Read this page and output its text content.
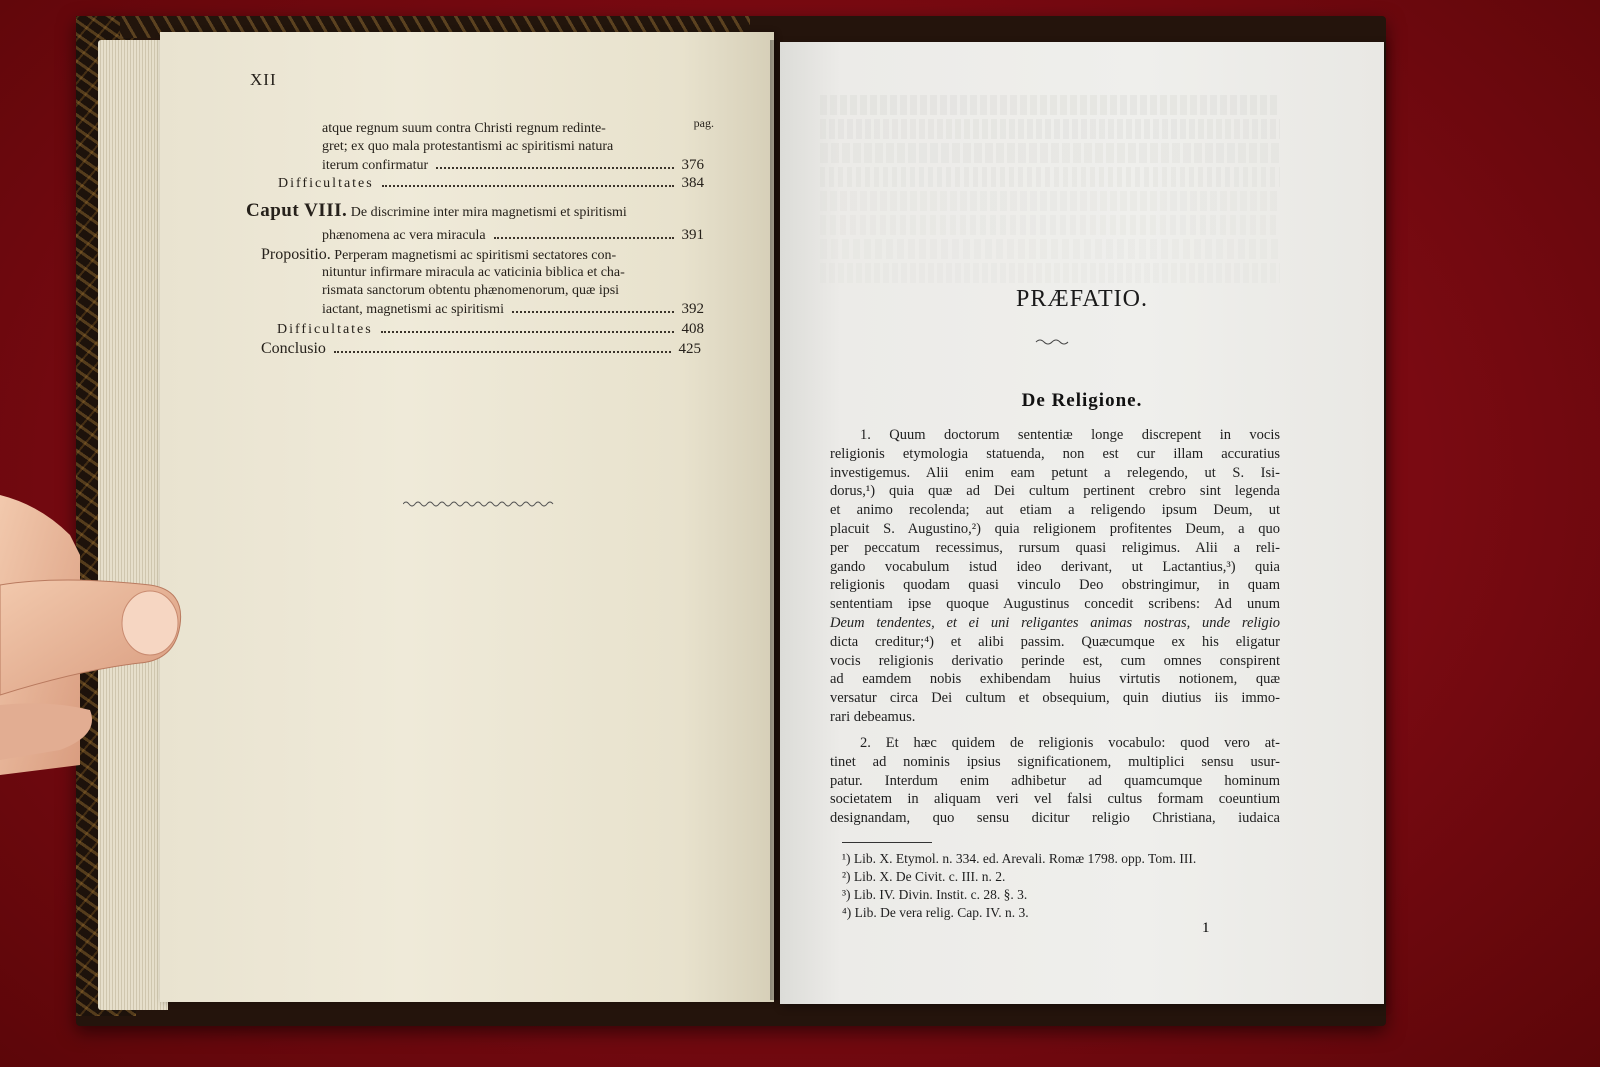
XII
pag.
atque regnum suum contra Christi regnum redinte-
gret; ex quo mala protestantismi ac spiritismi natura
iterum confirmatur	376
Difficultates	384
Caput VIII. De discrimine inter mira magnetismi et spiritismi
phænomena ac vera miracula	391
Propositio. Perperam magnetismi ac spiritismi sectatores con-
nituntur infirmare miracula ac vaticinia biblica et cha-
rismata sanctorum obtentu phænomenorum, quæ ipsi
iactant, magnetismi ac spiritismi	392
Difficultates	408
Conclusio	425
PRÆFATIO.
De Religione.
1. Quum doctorum sententiæ longe discrepent in vocis
religionis etymologia statuenda, non est cur illam accuratius
investigemus. Alii enim eam petunt a relegendo, ut S. Isi-
dorus,¹) quia quæ ad Dei cultum pertinent crebro sint legenda
et animo recolenda; aut etiam a religendo ipsum Deum, ut
placuit S. Augustino,²) quia religionem profitentes Deum, a quo
per peccatum recessimus, rursum quasi religimus. Alii a reli-
gando vocabulum istud ideo derivant, ut Lactantius,³) quia
religionis quodam quasi vinculo Deo obstringimur, in quam
sententiam ipse quoque Augustinus concedit scribens: Ad unum
Deum tendentes, et ei uni religantes animas nostras, unde religio
dicta creditur;⁴) et alibi passim. Quæcumque ex his eligatur
vocis religionis derivatio perinde est, cum omnes conspirent
ad eamdem nobis exhibendam huius virtutis notionem, quæ
versatur circa Dei cultum et obsequium, quin diutius iis immo-
rari debeamus.
2. Et hæc quidem de religionis vocabulo: quod vero at-
tinet ad nominis ipsius significationem, multiplici sensu usur-
patur. Interdum enim adhibetur ad quamcumque hominum
societatem in aliquam veri vel falsi cultus formam coeuntium
designandam, quo sensu dicitur religio Christiana, iudaica
¹) Lib. X. Etymol. n. 334. ed. Arevali. Romæ 1798. opp. Tom. III.
²) Lib. X. De Civit. c. III. n. 2.
³) Lib. IV. Divin. Instit. c. 28. §. 3.
⁴) Lib. De vera relig. Cap. IV. n. 3.
1
